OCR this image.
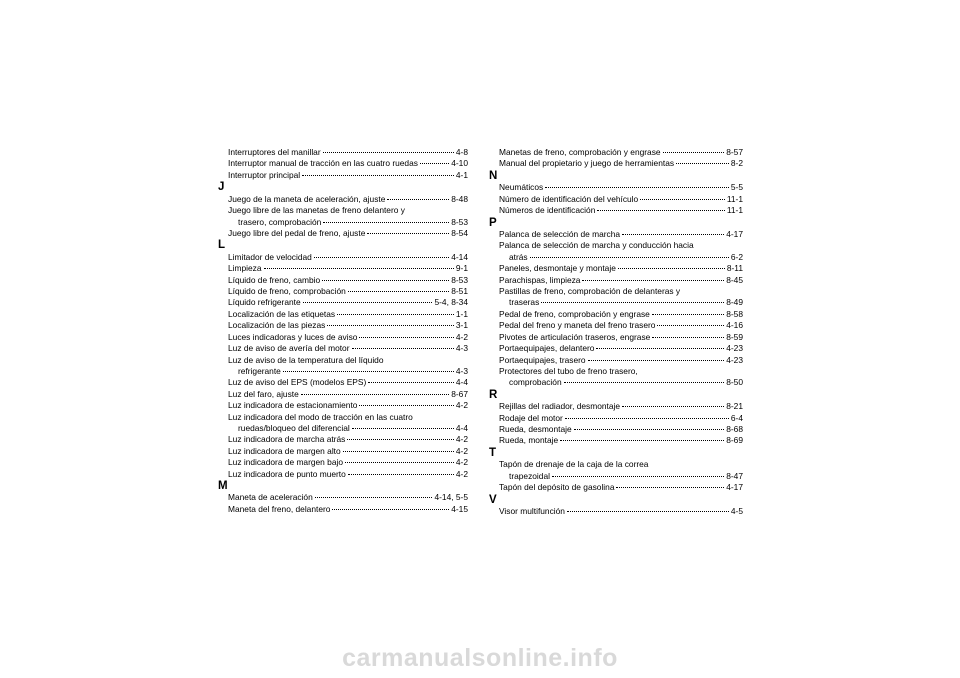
Interruptores del manillar	4-8
Interruptor manual de tracción en las cuatro ruedas	4-10
Interruptor principal	4-1
J
Juego de la maneta de aceleración, ajuste	8-48
Juego libre de las manetas de freno delantero y
trasero, comprobación	8-53
Juego libre del pedal de freno, ajuste	8-54
L
Limitador de velocidad	4-14
Limpieza	9-1
Líquido de freno, cambio	8-53
Líquido de freno, comprobación	8-51
Líquido refrigerante	5-4, 8-34
Localización de las etiquetas	1-1
Localización de las piezas	3-1
Luces indicadoras y luces de aviso	4-2
Luz de aviso de avería del motor	4-3
Luz de aviso de la temperatura del líquido
refrigerante	4-3
Luz de aviso del EPS (modelos EPS)	4-4
Luz del faro, ajuste	8-67
Luz indicadora de estacionamiento	4-2
Luz indicadora del modo de tracción en las cuatro
ruedas/bloqueo del diferencial	4-4
Luz indicadora de marcha atrás	4-2
Luz indicadora de margen alto	4-2
Luz indicadora de margen bajo	4-2
Luz indicadora de punto muerto	4-2
M
Maneta de aceleración	4-14, 5-5
Maneta del freno, delantero	4-15
Manetas de freno, comprobación y engrase	8-57
Manual del propietario y juego de herramientas	8-2
N
Neumáticos	5-5
Número de identificación del vehículo	11-1
Números de identificación	11-1
P
Palanca de selección de marcha	4-17
Palanca de selección de marcha y conducción hacia
atrás	6-2
Paneles, desmontaje y montaje	8-11
Parachispas, limpieza	8-45
Pastillas de freno, comprobación de delanteras y
traseras	8-49
Pedal de freno, comprobación y engrase	8-58
Pedal del freno y maneta del freno trasero	4-16
Pivotes de articulación traseros, engrase	8-59
Portaequipajes, delantero	4-23
Portaequipajes, trasero	4-23
Protectores del tubo de freno trasero,
comprobación	8-50
R
Rejillas del radiador, desmontaje	8-21
Rodaje del motor	6-4
Rueda, desmontaje	8-68
Rueda, montaje	8-69
T
Tapón de drenaje de la caja de la correa
trapezoidal	8-47
Tapón del depósito de gasolina	4-17
V
Visor multifunción	4-5
carmanualsonline.info
